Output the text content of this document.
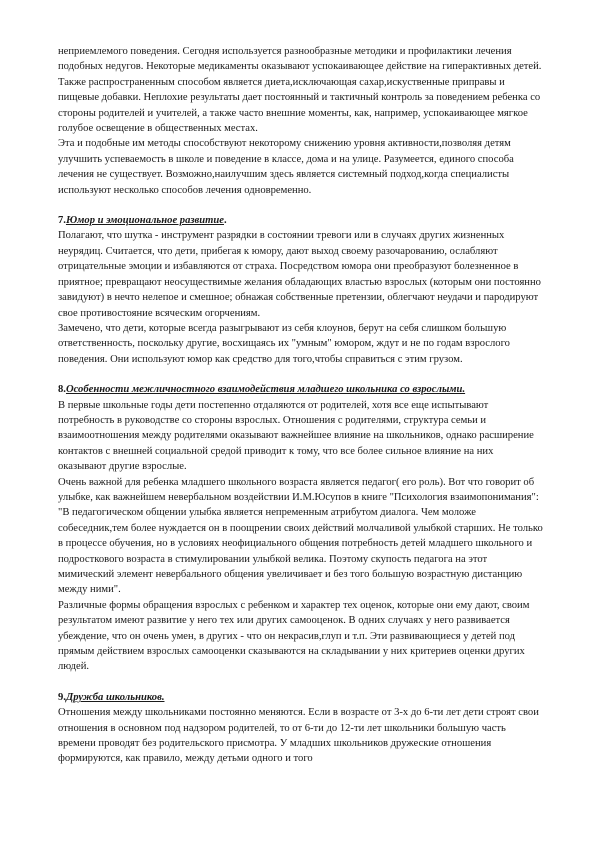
неприемлемого поведения. Сегодня используется разнообразные методики и профилактики лечения подобных недугов. Некоторые медикаменты оказывают успокаивающее действие на гиперактивных детей. Также распространенным способом является диета,исключающая сахар,искуственные приправы и пищевые добавки. Неплохие результаты дает постоянный и тактичный контроль за поведением ребенка со стороны родителей и учителей, а также часто внешние моменты, как, например, успокаивающее мягкое голубое освещение в общественных местах.

Эта и подобные им методы способствуют некоторому снижению уровня активности,позволяя детям улучшить успеваемость в школе и поведение в классе, дома и на улице. Разумеется, единого способа лечения не существует. Возможно,наилучшим здесь является системный подход,когда специалисты используют несколько способов лечения одновременно.

7.Юмор и эмоциональное развитие.

Полагают, что шутка - инструмент разрядки в состоянии тревоги или в случаях других жизненных неурядиц. Считается, что дети, прибегая к юмору, дают выход своему разочарованию, ослабляют отрицательные эмоции и избавляются от страха. Посредством юмора они преобразуют болезненное в приятное; превращают неосуществимые желания обладающих властью взрослых (которым они постоянно завидуют) в нечто нелепое и смешное; обнажая собственные претензии, облегчают неудачи и пародируют свое противостояние всяческим огорчениям.

Замечено, что дети, которые всегда разыгрывают из себя клоунов, берут на себя слишком большую ответственность, поскольку другие, восхищаясь их "умным" юмором, ждут и не по годам взрослого поведения. Они используют юмор как средство для того,чтобы справиться с этим грузом.

8.Особенности межличностного взаимодействия младшего школьника со взрослыми.

В первые школьные годы дети постепенно отдаляются от родителей, хотя все еще испытывают потребность в руководстве со стороны взрослых. Отношения с родителями, структура семьи и взаимоотношения между родителями оказывают важнейшее влияние на школьников, однако расширение контактов с внешней социальной средой приводит к тому, что все более сильное влияние на них оказывают другие взрослые.

Очень важной для ребенка младшего школьного возраста является педагог( его роль). Вот что говорит об улыбке, как важнейшем невербальном воздействии И.М.Юсупов в книге "Психология взаимопонимания": "В педагогическом общении улыбка является непременным атрибутом диалога. Чем моложе собеседник,тем более нуждается он в поощрении своих действий молчаливой улыбкой старших. Не только в процессе обучения, но в условиях неофициального общения потребность детей младшего школьного и подросткового возраста в стимулировании улыбкой велика. Поэтому скупость педагога на этот мимический элемент невербального общения увеличивает и без того большую возрастную дистанцию между ними".

Различные формы обращения взрослых с ребенком и характер тех оценок, которые они ему дают, своим результатом имеют развитие у него тех или других самооценок. В одних случаях у него развивается убеждение, что он очень умен, в других - что он некрасив,глуп и т.п. Эти развивающиеся у детей под прямым действием взрослых самооценки сказываются на складывании у них критериев оценки других людей.

9.Дружба школьников.

Отношения между школьниками постоянно меняются. Если в возрасте от 3-х до 6-ти лет дети строят свои отношения в основном под надзором родителей, то от 6-ти до 12-ти лет школьники большую часть времени проводят без родительского присмотра. У младших школьников дружеские отношения формируются, как правило, между детьми одного и того
